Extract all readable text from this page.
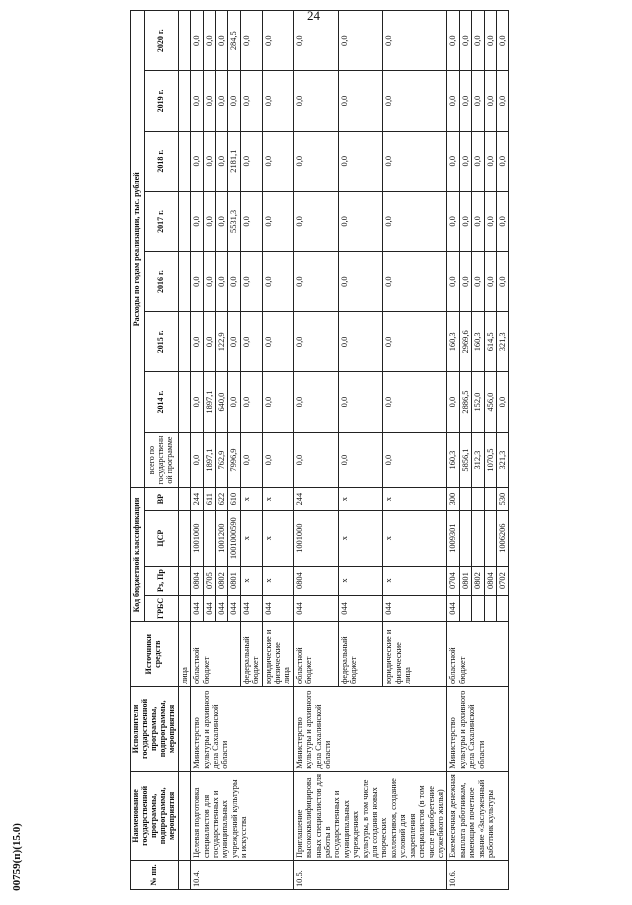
24
№ пп.	Наименование государственной программы, подпрограммы, мероприятия	Исполнители государственной программы, подпрограммы, мероприятия	Источники средств	Код бюджетной классификации				Расходы по годам реализации, тыс. рублей							
				ГРБС	Рз, Пр	ЦСР	ВР	всего по государственной программе	2014 г.	2015 г.	2016 г.	2017 г.	2018 г.	2019 г.	2020 г.
			лица												
10.4.	Целевая подготовка специалистов для государственных и муниципальных учреждений культуры и искусства	Министерство культуры и архивного дела Сахалинской области	областной бюджет	044	0804	1001000	244	0,0	0,0	0,0	0,0	0,0	0,0	0,0	0,0
				044	0705		611	1897,1	1897,1	0,0	0,0	0,0	0,0	0,0	0,0
				044	0802	1001200	622	762,9	640,0	122,9	0,0	0,0	0,0	0,0	0,0
				044	0801	1001000590	610	7996,9	0,0	0,0	0,0	5531,3	2181,1	0,0	284,5
			федеральный бюджет	044	x	x	x	0,0	0,0	0,0	0,0	0,0	0,0	0,0	0,0
			юридические и физические лица	044	x	x	x	0,0	0,0	0,0	0,0	0,0	0,0	0,0	0,0
10.5.	Приглашение высококвалифицированных специалистов для работы в государственных и муниципальных учреждениях культуры, в том числе для создания новых творческих коллективов, создание условий для закрепления специалистов (в том числе приобретение служебного жилья)	Министерство культуры и архивного дела Сахалинской области	областной бюджет	044	0804	1001000	244	0,0	0,0	0,0	0,0	0,0	0,0	0,0	0,0
			федеральный бюджет	044	x	x	x	0,0	0,0	0,0	0,0	0,0	0,0	0,0	0,0
			юридические и физические лица	044	x	x	x	0,0	0,0	0,0	0,0	0,0	0,0	0,0	0,0
10.6.	Ежемесячная денежная выплата работникам, имеющим почетное звание «Заслуженный работник культуры	Министерство культуры и архивного дела Сахалинской области	областной бюджет	044	0704	1009301	300	160,3	0,0	160,3	0,0	0,0	0,0	0,0	0,0
					0801			5856,1	2886,5	2969,6	0,0	0,0	0,0	0,0	0,0
					0802			312,3	152,0	160,3	0,0	0,0	0,0	0,0	0,0
					0804			1070,5	456,0	614,5	0,0	0,0	0,0	0,0	0,0
					0702	1006206	530	321,3	0,0	321,3	0,0	0,0	0,0	0,0	0,0
00759(п)(15.0)
